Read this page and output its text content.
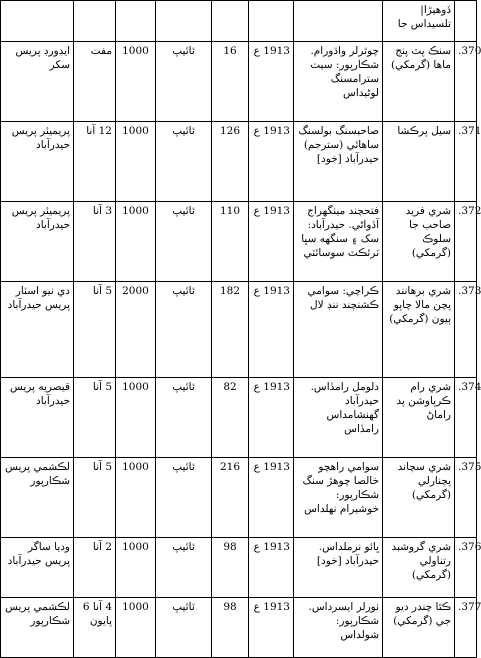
							ڏوهيڙا| تلسيداس جا	
ايڊورڊ پريس سکر	مفت	1000	ٽائيپ	16	1913 ع	چوٿرلر واڌورام. شڪارپور: سيٺ سترامسنگ لوڻيداس	سنڪ پٽ پنج ماها (گرمکي)	.370
پريميئر پريس حيدرآباد	12 آنا	1000	ٽائيپ	126	1913 ع	صاحبسنگ بولسنگ ساهائي (سترجم) حيدرآباد [خود]	سيل پرڪشا	.371
پريميئر پريس حيدرآباد	3 آنا	1000	ٽائيپ	110	1913 ع	فتحچند ميٺگهراج آڏواڻي. حيدرآباد: سک ۽ سنگهه سڀا ٽرئڪٽ سوسائٽي	شري فريد صاحب جا سلوڪ (گرمکي)	.372
دي نيو اسٽار پريس حيدرآباد	5 آنا	2000	ٽائيپ	182	1913 ع	ڪراچي: سوامي ڪشنچند ننڊ لال	شري برهانند پچن مالا چاپو ٻيون (گرمکي)	.373
قيصريه پريس حيدرآباد	5 آنا	1000	ٽائيپ	82	1913 ع	دلومل رامڏاس. حيدرآباد گهنشامداس رامڏاس	شري رام ڪرپاوشن پد راماڻ	.374
لڪشمي پريس شڪارپور	5 آنا	1000	ٽائيپ	216	1913 ع	سوامي راهچو خالصا چوهڙ سنگ شڪارپور: خوشيرام نهلداس	شري سچاند پچنارلي (گرمکي)	.375
وديا ساگر پريس حيدرآباد	2 آنا	1000	ٽائيپ	98	1913 ع	ڀائو نرملداس. حيدرآباد [خود]	شري گروشبد رتناولي (گرمکي)	.376
لڪشمي پريس شڪارپور	4 آنا 6 پايون	1000	ٽائيپ	98	1913 ع	ٺورلر ايسرداس. شڪارپور: شولداس	ڪٿا چندر ديو جي (گرمکي)	.377
